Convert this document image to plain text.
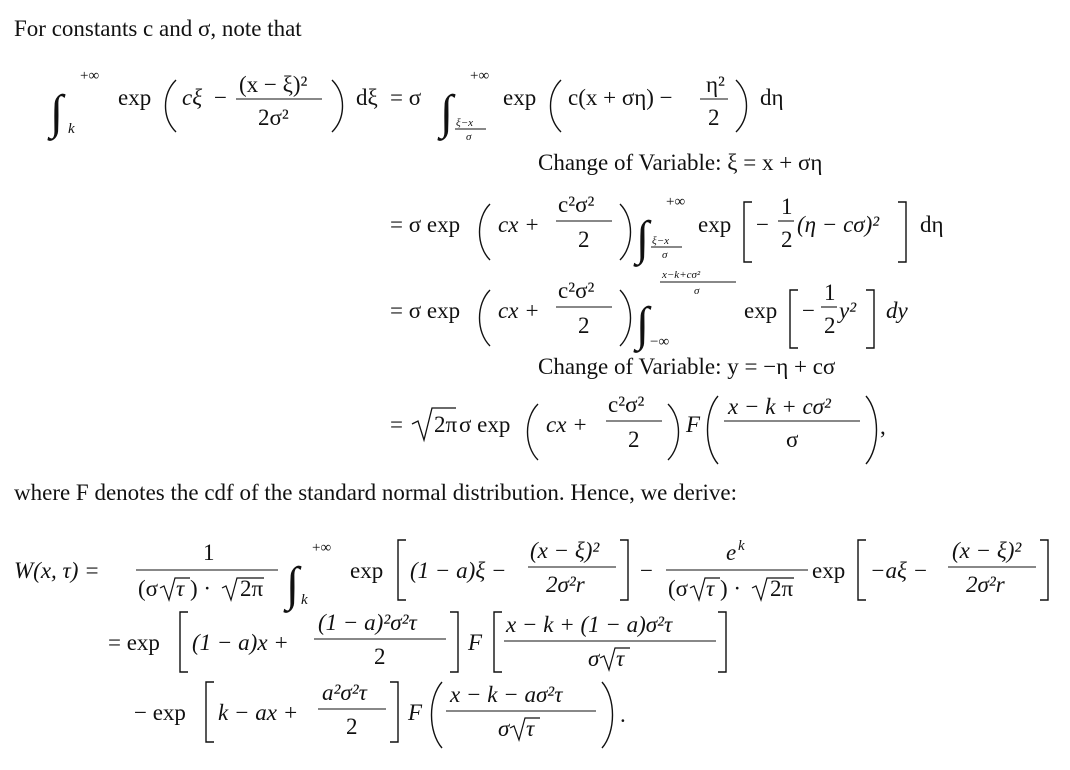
For constants c and σ, note that
∫
+∞
k
exp cξ −
(x − ξ)²
2σ²
dξ = σ ∫
+∞
ξ−x
σ
exp c(x + ση) −
η²
2
dη
Change of Variable: ξ = x + ση
= σ exp cx +
c²σ²
2 ∫
+∞
ξ−x
σ
exp −
1
2
(η − cσ)² dη
= σ exp cx +
c²σ²
2 ∫
x−k+cσ²
σ
−∞
exp −
1
2
y² dy
Change of Variable: y = −η + cσ
= 2π σ exp cx +
c²σ²
2
F
x − k + cσ²
σ
,
where F denotes the cdf of the standard normal distribution. Hence, we derive:
W(x, τ) =
1
(σ τ ) · 2π ∫
+∞
k
exp (1 − a)ξ −
(x − ξ)²
2σ²r
−
e k
(σ τ ) · 2π
exp −aξ −
(x − ξ)²
2σ²r
= exp (1 − a)x +
(1 − a)²σ²τ
2
F
x − k + (1 − a)σ²τ
σ τ
− exp k − ax +
a²σ²τ
2
F
x − k − aσ²τ
σ τ
.
